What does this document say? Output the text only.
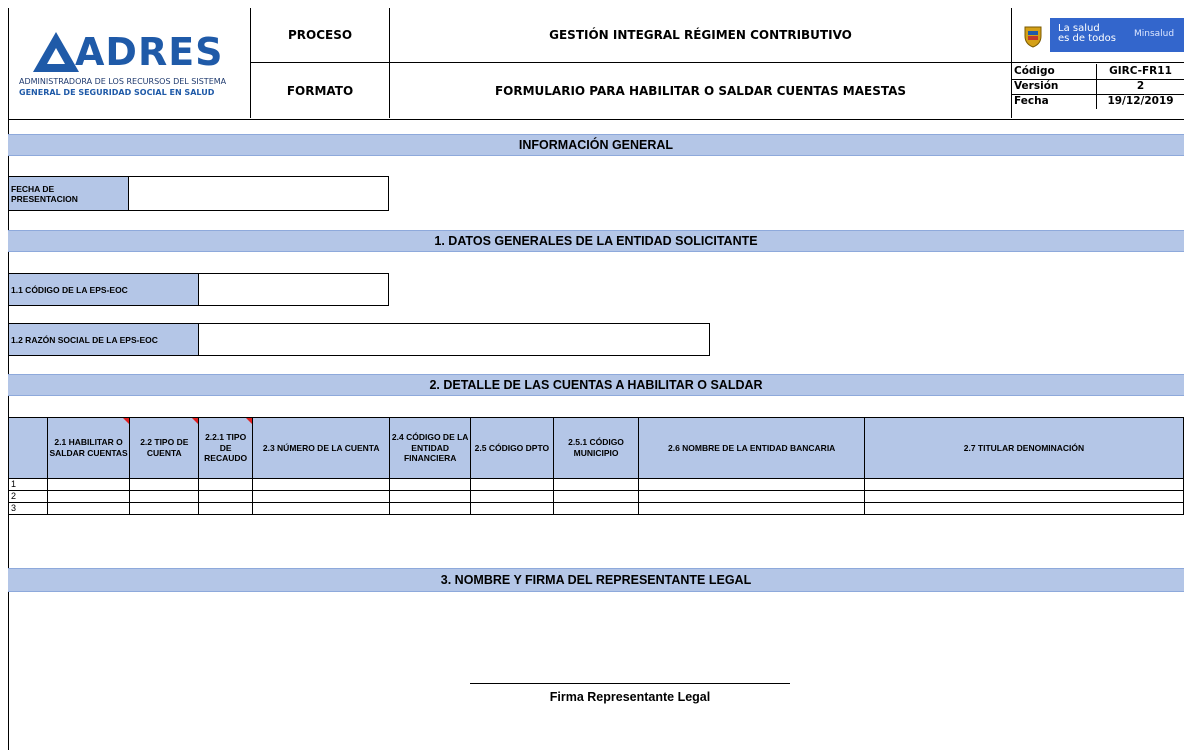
ADRES
ADMINISTRADORA DE LOS RECURSOS DEL SISTEMA
GENERAL DE SEGURIDAD SOCIAL EN SALUD
PROCESO	GESTIÓN INTEGRAL RÉGIMEN CONTRIBUTIVO
FORMATO	FORMULARIO PARA HABILITAR O SALDAR CUENTAS MAESTAS
La salud
es de todos Minsalud
Código	GIRC-FR11
Versión	2
Fecha	19/12/2019
INFORMACIÓN GENERAL
FECHA DE
PRESENTACION
1. DATOS GENERALES DE LA ENTIDAD SOLICITANTE
1.1 CÓDIGO DE LA EPS-EOC
1.2 RAZÓN SOCIAL DE LA EPS-EOC
2. DETALLE DE LAS CUENTAS A HABILITAR O SALDAR
	2.1 HABILITAR O SALDAR CUENTAS	2.2 TIPO DE CUENTA	2.2.1 TIPO DE RECAUDO	2.3 NÚMERO DE LA CUENTA	2.4 CÓDIGO DE LA ENTIDAD FINANCIERA	2.5 CÓDIGO DPTO	2.5.1 CÓDIGO MUNICIPIO	2.6 NOMBRE DE LA ENTIDAD BANCARIA	2.7 TITULAR DENOMINACIÓN
1									
2									
3									
3. NOMBRE Y FIRMA DEL REPRESENTANTE LEGAL
Firma Representante Legal
